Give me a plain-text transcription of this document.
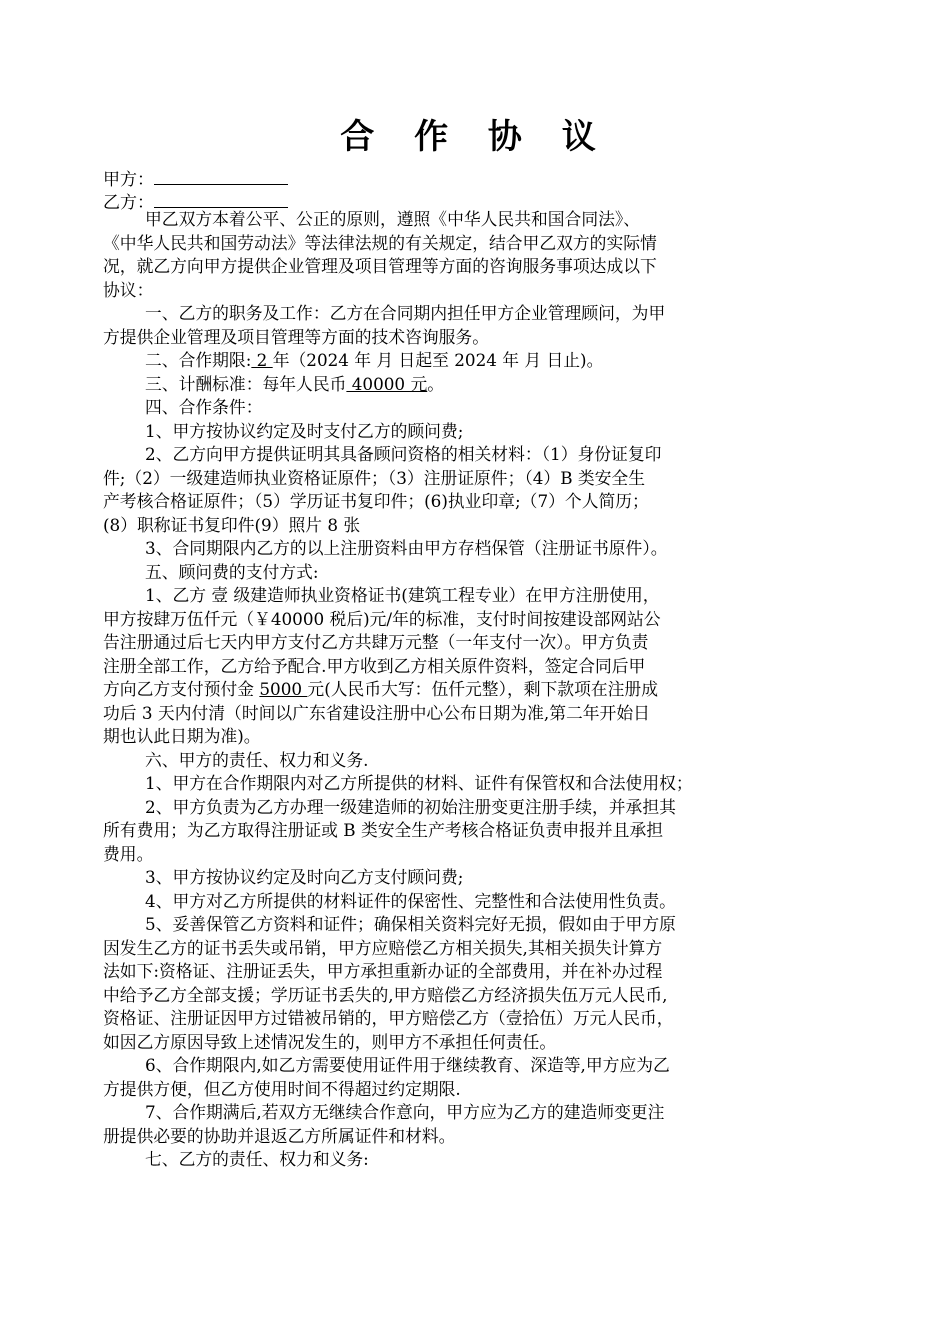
合 作 协 议
甲方：
乙方：

甲乙双方本着公平、公正的原则，遵照《中华人民共和国合同法》、

《中华人民共和国劳动法》等法律法规的有关规定，结合甲乙双方的实际情

况，就乙方向甲方提供企业管理及项目管理等方面的咨询服务事项达成以下

协议：

一、乙方的职务及工作：乙方在合同期内担任甲方企业管理顾问，为甲

方提供企业管理及项目管理等方面的技术咨询服务。

二、合作期限: 2 年（2024 年 月 日起至 2024 年 月 日止)。

三、计酬标准：每年人民币 40000 元。

四、合作条件：

1、甲方按协议约定及时支付乙方的顾问费;

2、乙方向甲方提供证明其具备顾问资格的相关材料：（1）身份证复印

件;（2）一级建造师执业资格证原件；（3）注册证原件；（4）B 类安全生

产考核合格证原件；（5）学历证书复印件；(6)执业印章;（7）个人简历；

(8）职称证书复印件(9）照片 8 张

3、合同期限内乙方的以上注册资料由甲方存档保管（注册证书原件）。

五、顾问费的支付方式:

1、乙方 壹 级建造师执业资格证书(建筑工程专业）在甲方注册使用，

甲方按肆万伍仟元（￥40000 税后)元/年的标准，支付时间按建设部网站公

告注册通过后七天内甲方支付乙方共肆万元整（一年支付一次）。甲方负责

注册全部工作，乙方给予配合.甲方收到乙方相关原件资料，签定合同后甲

方向乙方支付预付金 5000 元(人民币大写：伍仟元整），剩下款项在注册成

功后 3 天内付清（时间以广东省建设注册中心公布日期为准,第二年开始日

期也认此日期为准)。

六、甲方的责任、权力和义务.

1、甲方在合作期限内对乙方所提供的材料、证件有保管权和合法使用权；

2、甲方负责为乙方办理一级建造师的初始注册变更注册手续，并承担其

所有费用；为乙方取得注册证或 B 类安全生产考核合格证负责申报并且承担

费用。

3、甲方按协议约定及时向乙方支付顾问费;

4、甲方对乙方所提供的材料证件的保密性、完整性和合法使用性负责。

5、妥善保管乙方资料和证件；确保相关资料完好无损，假如由于甲方原

因发生乙方的证书丢失或吊销，甲方应赔偿乙方相关损失,其相关损失计算方

法如下:资格证、注册证丢失，甲方承担重新办证的全部费用，并在补办过程

中给予乙方全部支援；学历证书丢失的,甲方赔偿乙方经济损失伍万元人民币,

资格证、注册证因甲方过错被吊销的，甲方赔偿乙方（壹拾伍）万元人民币，

如因乙方原因导致上述情况发生的，则甲方不承担任何责任。

6、合作期限内,如乙方需要使用证件用于继续教育、深造等,甲方应为乙

方提供方便，但乙方使用时间不得超过约定期限.

7、合作期满后,若双方无继续合作意向，甲方应为乙方的建造师变更注

册提供必要的协助并退返乙方所属证件和材料。

七、乙方的责任、权力和义务:
